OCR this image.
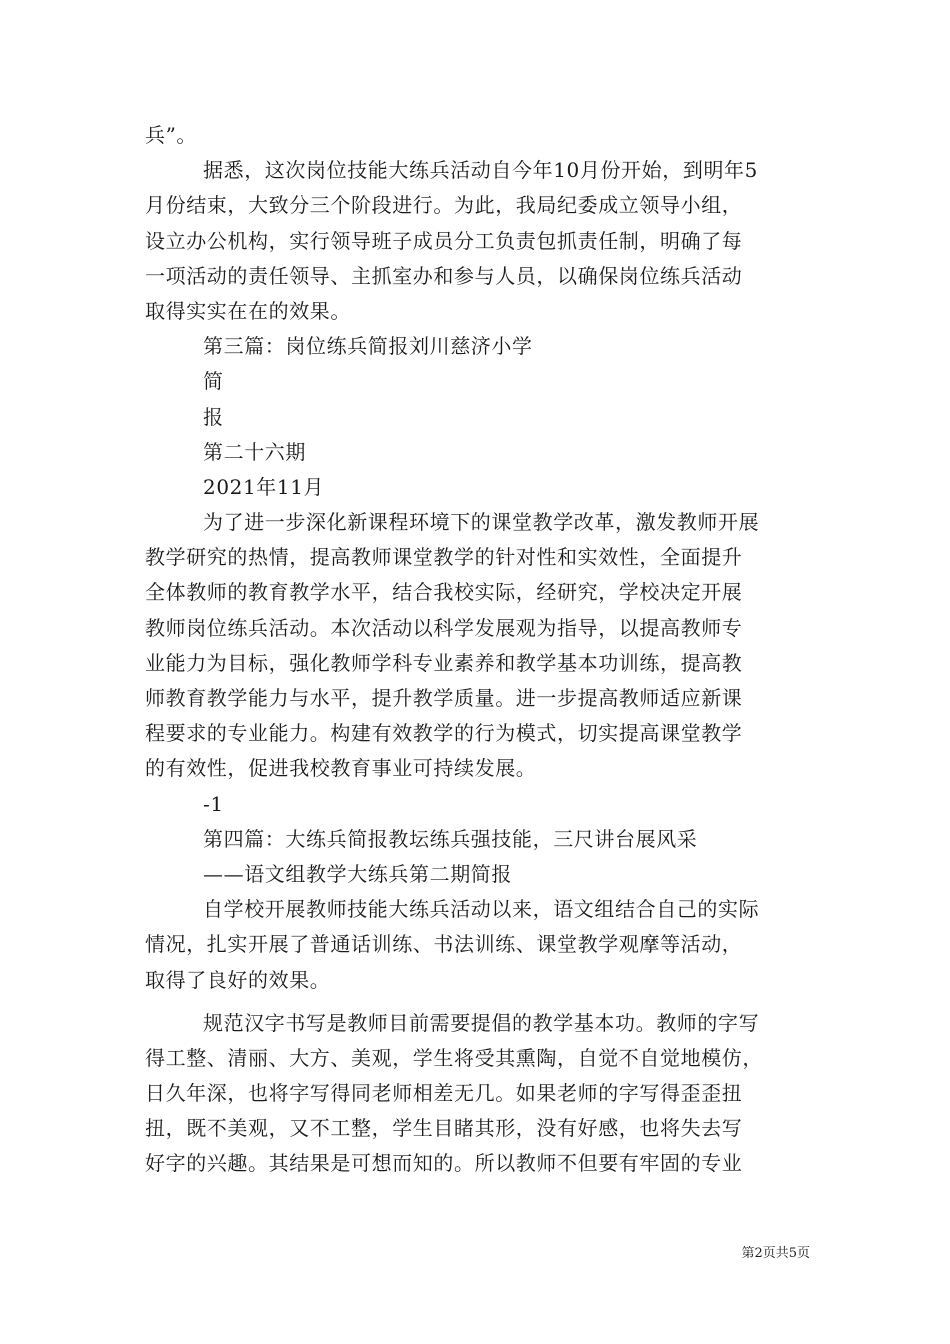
兵”。
据悉，这次岗位技能大练兵活动自今年10月份开始，到明年5
月份结束，大致分三个阶段进行。为此，我局纪委成立领导小组，
设立办公机构，实行领导班子成员分工负责包抓责任制，明确了每
一项活动的责任领导、主抓室办和参与人员，以确保岗位练兵活动
取得实实在在的效果。
第三篇：岗位练兵简报刘川慈济小学
简
报
第二十六期
2021年11月
为了进一步深化新课程环境下的课堂教学改革，激发教师开展
教学研究的热情，提高教师课堂教学的针对性和实效性，全面提升
全体教师的教育教学水平，结合我校实际，经研究，学校决定开展
教师岗位练兵活动。本次活动以科学发展观为指导，以提高教师专
业能力为目标，强化教师学科专业素养和教学基本功训练，提高教
师教育教学能力与水平，提升教学质量。进一步提高教师适应新课
程要求的专业能力。构建有效教学的行为模式，切实提高课堂教学
的有效性，促进我校教育事业可持续发展。
-1
第四篇：大练兵简报教坛练兵强技能，三尺讲台展风采
——语文组教学大练兵第二期简报
自学校开展教师技能大练兵活动以来，语文组结合自己的实际
情况，扎实开展了普通话训练、书法训练、课堂教学观摩等活动，
取得了良好的效果。
规范汉字书写是教师目前需要提倡的教学基本功。教师的字写
得工整、清丽、大方、美观，学生将受其熏陶，自觉不自觉地模仿，
日久年深，也将字写得同老师相差无几。如果老师的字写得歪歪扭
扭，既不美观，又不工整，学生目睹其形，没有好感，也将失去写
好字的兴趣。其结果是可想而知的。所以教师不但要有牢固的专业
第2页共5页
